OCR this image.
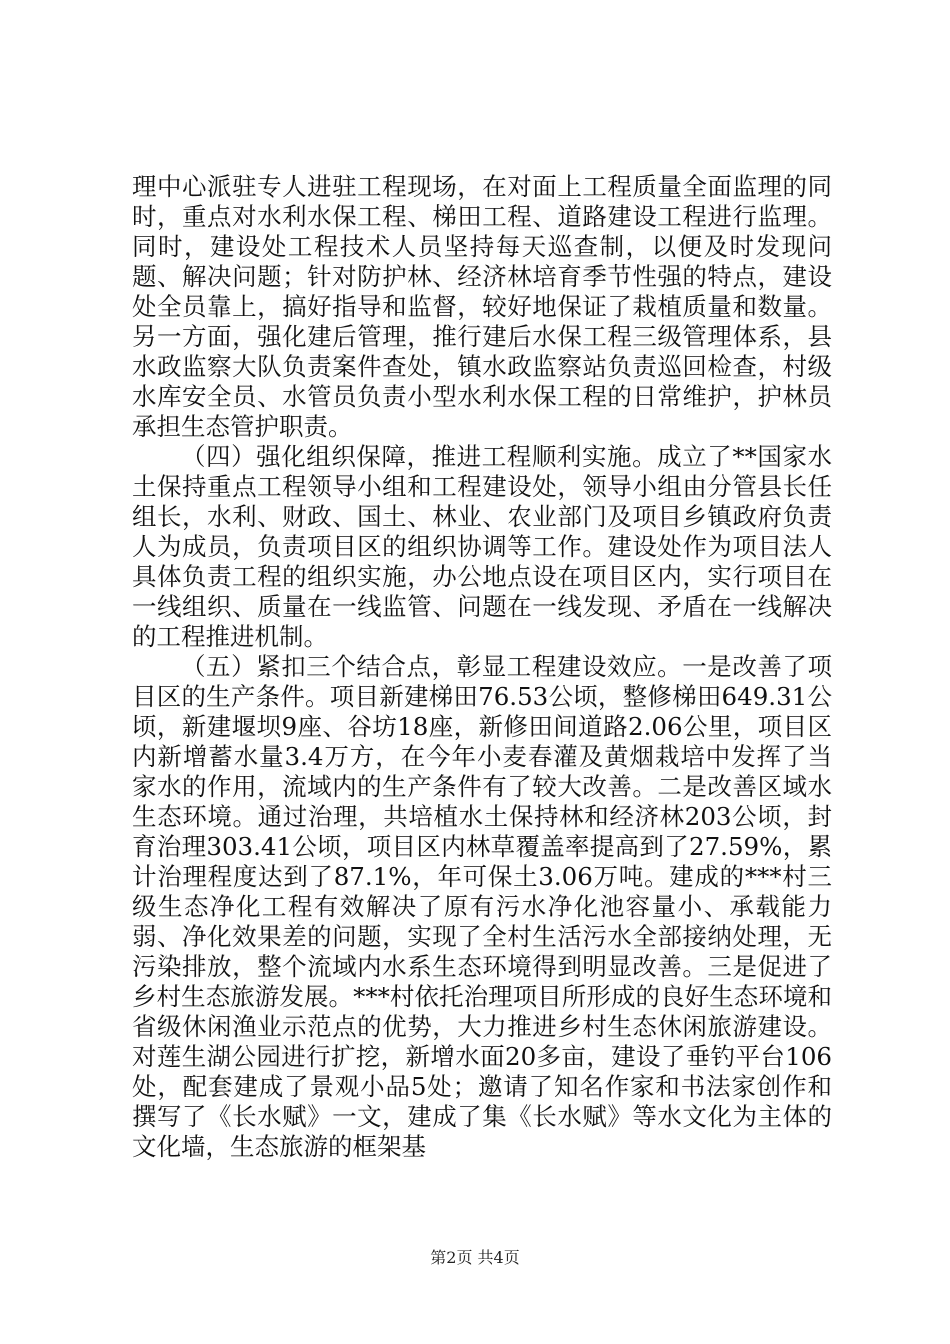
理中心派驻专人进驻工程现场，在对面上工程质量全面监理的同时，重点对水利水保工程、梯田工程、道路建设工程进行监理。同时，建设处工程技术人员坚持每天巡查制，以便及时发现问题、解决问题；针对防护林、经济林培育季节性强的特点，建设处全员靠上，搞好指导和监督，较好地保证了栽植质量和数量。另一方面，强化建后管理，推行建后水保工程三级管理体系，县水政监察大队负责案件查处，镇水政监察站负责巡回检查，村级水库安全员、水管员负责小型水利水保工程的日常维护，护林员承担生态管护职责。

（四）强化组织保障，推进工程顺利实施。成立了**国家水土保持重点工程领导小组和工程建设处，领导小组由分管县长任组长，水利、财政、国土、林业、农业部门及项目乡镇政府负责人为成员，负责项目区的组织协调等工作。建设处作为项目法人具体负责工程的组织实施，办公地点设在项目区内，实行项目在一线组织、质量在一线监管、问题在一线发现、矛盾在一线解决的工程推进机制。

（五）紧扣三个结合点，彰显工程建设效应。一是改善了项目区的生产条件。项目新建梯田76.53公顷，整修梯田649.31公顷，新建堰坝9座、谷坊18座，新修田间道路2.06公里，项目区内新增蓄水量3.4万方，在今年小麦春灌及黄烟栽培中发挥了当家水的作用，流域内的生产条件有了较大改善。二是改善区域水生态环境。通过治理，共培植水土保持林和经济林203公顷，封育治理303.41公顷，项目区内林草覆盖率提高到了27.59%，累计治理程度达到了87.1%，年可保土3.06万吨。建成的***村三级生态净化工程有效解决了原有污水净化池容量小、承载能力弱、净化效果差的问题，实现了全村生活污水全部接纳处理，无污染排放，整个流域内水系生态环境得到明显改善。三是促进了乡村生态旅游发展。***村依托治理项目所形成的良好生态环境和省级休闲渔业示范点的优势，大力推进乡村生态休闲旅游建设。对莲生湖公园进行扩挖，新增水面20多亩，建设了垂钓平台106处，配套建成了景观小品5处；邀请了知名作家和书法家创作和撰写了《长水赋》一文，建成了集《长水赋》等水文化为主体的文化墙，生态旅游的框架基

第2页 共4页
